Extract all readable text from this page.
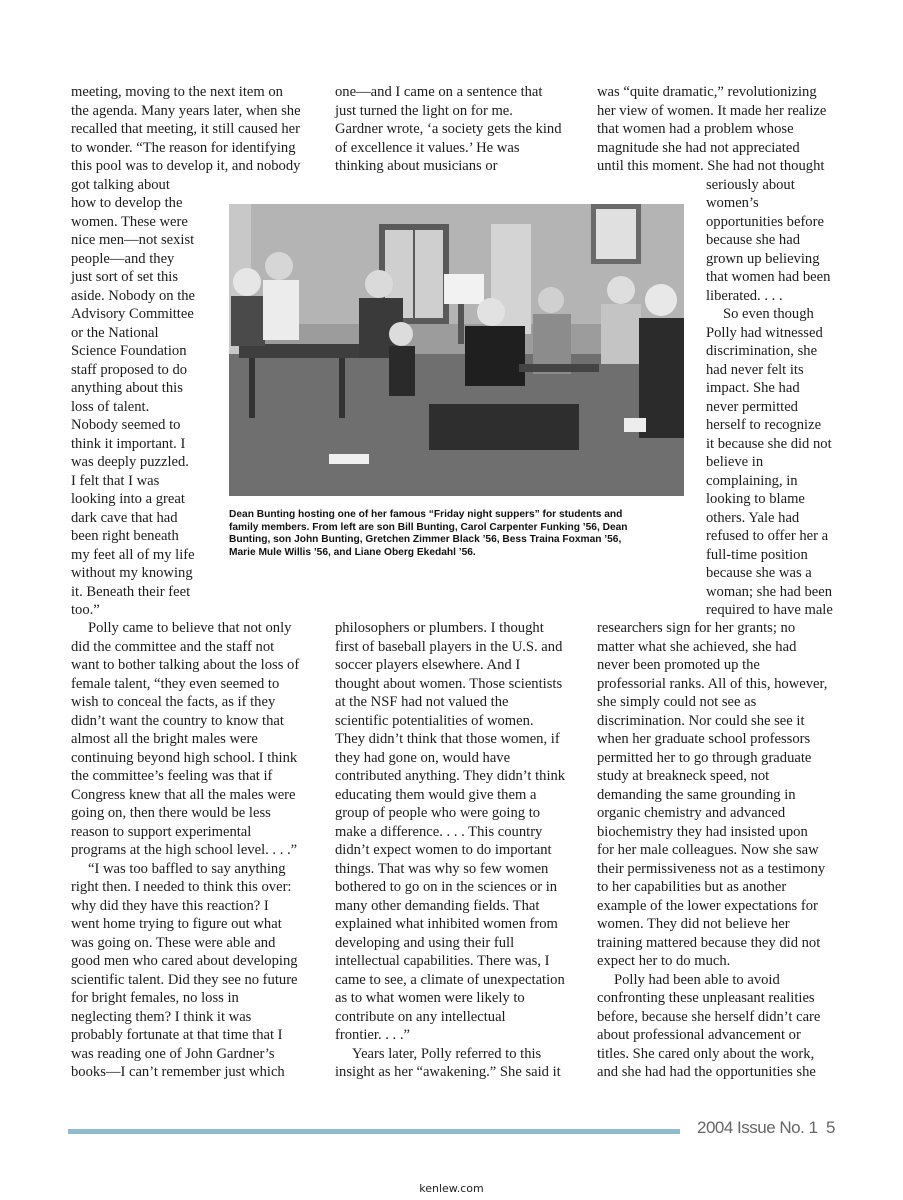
meeting, moving to the next item on
the agenda. Many years later, when she
recalled that meeting, it still caused her
to wonder. “The reason for identifying
this pool was to develop it, and nobody
got talking about
how to develop the
women. These were
nice men—not sexist
people—and they
just sort of set this
aside. Nobody on the
Advisory Committee
or the National
Science Foundation
staff proposed to do
anything about this
loss of talent.
Nobody seemed to
think it important. I
was deeply puzzled.
I felt that I was
looking into a great
dark cave that had
been right beneath
my feet all of my life
without my knowing
it. Beneath their feet
too.”
Polly came to believe that not only
did the committee and the staff not
want to bother talking about the loss of
female talent, “they even seemed to
wish to conceal the facts, as if they
didn’t want the country to know that
almost all the bright males were
continuing beyond high school. I think
the committee’s feeling was that if
Congress knew that all the males were
going on, then there would be less
reason to support experimental
programs at the high school level. . . .”
“I was too baffled to say anything
right then. I needed to think this over:
why did they have this reaction? I
went home trying to figure out what
was going on. These were able and
good men who cared about developing
scientific talent. Did they see no future
for bright females, no loss in
neglecting them? I think it was
probably fortunate at that time that I
was reading one of John Gardner’s
books—I can’t remember just which
one—and I came on a sentence that
just turned the light on for me.
Gardner wrote, ‘a society gets the kind
of excellence it values.’ He was
thinking about musicians or
philosophers or plumbers. I thought
first of baseball players in the U.S. and
soccer players elsewhere. And I
thought about women. Those scientists
at the NSF had not valued the
scientific potentialities of women.
They didn’t think that those women, if
they had gone on, would have
contributed anything. They didn’t think
educating them would give them a
group of people who were going to
make a difference. . . . This country
didn’t expect women to do important
things. That was why so few women
bothered to go on in the sciences or in
many other demanding fields. That
explained what inhibited women from
developing and using their full
intellectual capabilities. There was, I
came to see, a climate of unexpectation
as to what women were likely to
contribute on any intellectual
frontier. . . .”
Years later, Polly referred to this
insight as her “awakening.” She said it
was “quite dramatic,” revolutionizing
her view of women. It made her realize
that women had a problem whose
magnitude she had not appreciated
until this moment. She had not thought
seriously about
women’s
opportunities before
because she had
grown up believing
that women had been
liberated. . . .
So even though
Polly had witnessed
discrimination, she
had never felt its
impact. She had
never permitted
herself to recognize
it because she did not
believe in
complaining, in
looking to blame
others. Yale had
refused to offer her a
full-time position
because she was a
woman; she had been
required to have male
researchers sign for her grants; no
matter what she achieved, she had
never been promoted up the
professorial ranks. All of this, however,
she simply could not see as
discrimination. Nor could she see it
when her graduate school professors
permitted her to go through graduate
study at breakneck speed, not
demanding the same grounding in
organic chemistry and advanced
biochemistry they had insisted upon
for her male colleagues. Now she saw
their permissiveness not as a testimony
to her capabilities but as another
example of the lower expectations for
women. They did not believe her
training mattered because they did not
expect her to do much.
Polly had been able to avoid
confronting these unpleasant realities
before, because she herself didn’t care
about professional advancement or
titles. She cared only about the work,
and she had had the opportunities she
Dean Bunting hosting one of her famous “Friday night suppers” for students and
family members. From left are son Bill Bunting, Carol Carpenter Funking ’56, Dean
Bunting, son John Bunting, Gretchen Zimmer Black ’56, Bess Traina Foxman ’56,
Marie Mule Willis ’56, and Liane Oberg Ekedahl ’56.
2004 Issue No. 1 5
kenlew.com
